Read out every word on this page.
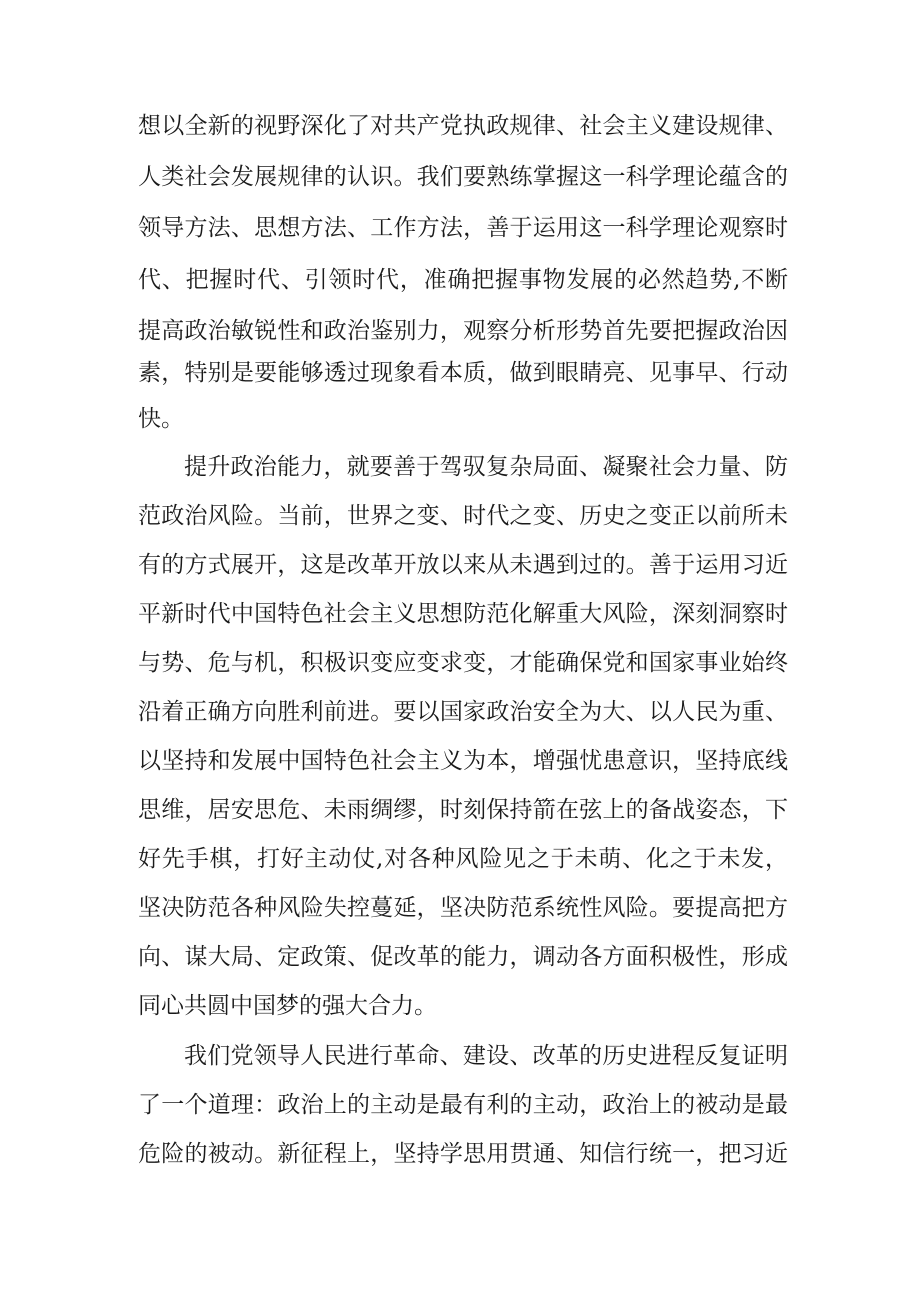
想以全新的视野深化了对共产党执政规律、社会主义建设规律、
人类社会发展规律的认识。我们要熟练掌握这一科学理论蕴含的
领导方法、思想方法、工作方法，善于运用这一科学理论观察时
代、把握时代、引领时代，准确把握事物发展的必然趋势,不断
提高政治敏锐性和政治鉴别力，观察分析形势首先要把握政治因
素，特别是要能够透过现象看本质，做到眼睛亮、见事早、行动
快。
提升政治能力，就要善于驾驭复杂局面、凝聚社会力量、防
范政治风险。当前，世界之变、时代之变、历史之变正以前所未
有的方式展开，这是改革开放以来从未遇到过的。善于运用习近
平新时代中国特色社会主义思想防范化解重大风险，深刻洞察时
与势、危与机，积极识变应变求变，才能确保党和国家事业始终
沿着正确方向胜利前进。要以国家政治安全为大、以人民为重、
以坚持和发展中国特色社会主义为本，增强忧患意识，坚持底线
思维，居安思危、未雨绸缪，时刻保持箭在弦上的备战姿态，下
好先手棋，打好主动仗,对各种风险见之于未萌、化之于未发，
坚决防范各种风险失控蔓延，坚决防范系统性风险。要提高把方
向、谋大局、定政策、促改革的能力，调动各方面积极性，形成
同心共圆中国梦的强大合力。
我们党领导人民进行革命、建设、改革的历史进程反复证明
了一个道理：政治上的主动是最有利的主动，政治上的被动是最
危险的被动。新征程上，坚持学思用贯通、知信行统一，把习近
